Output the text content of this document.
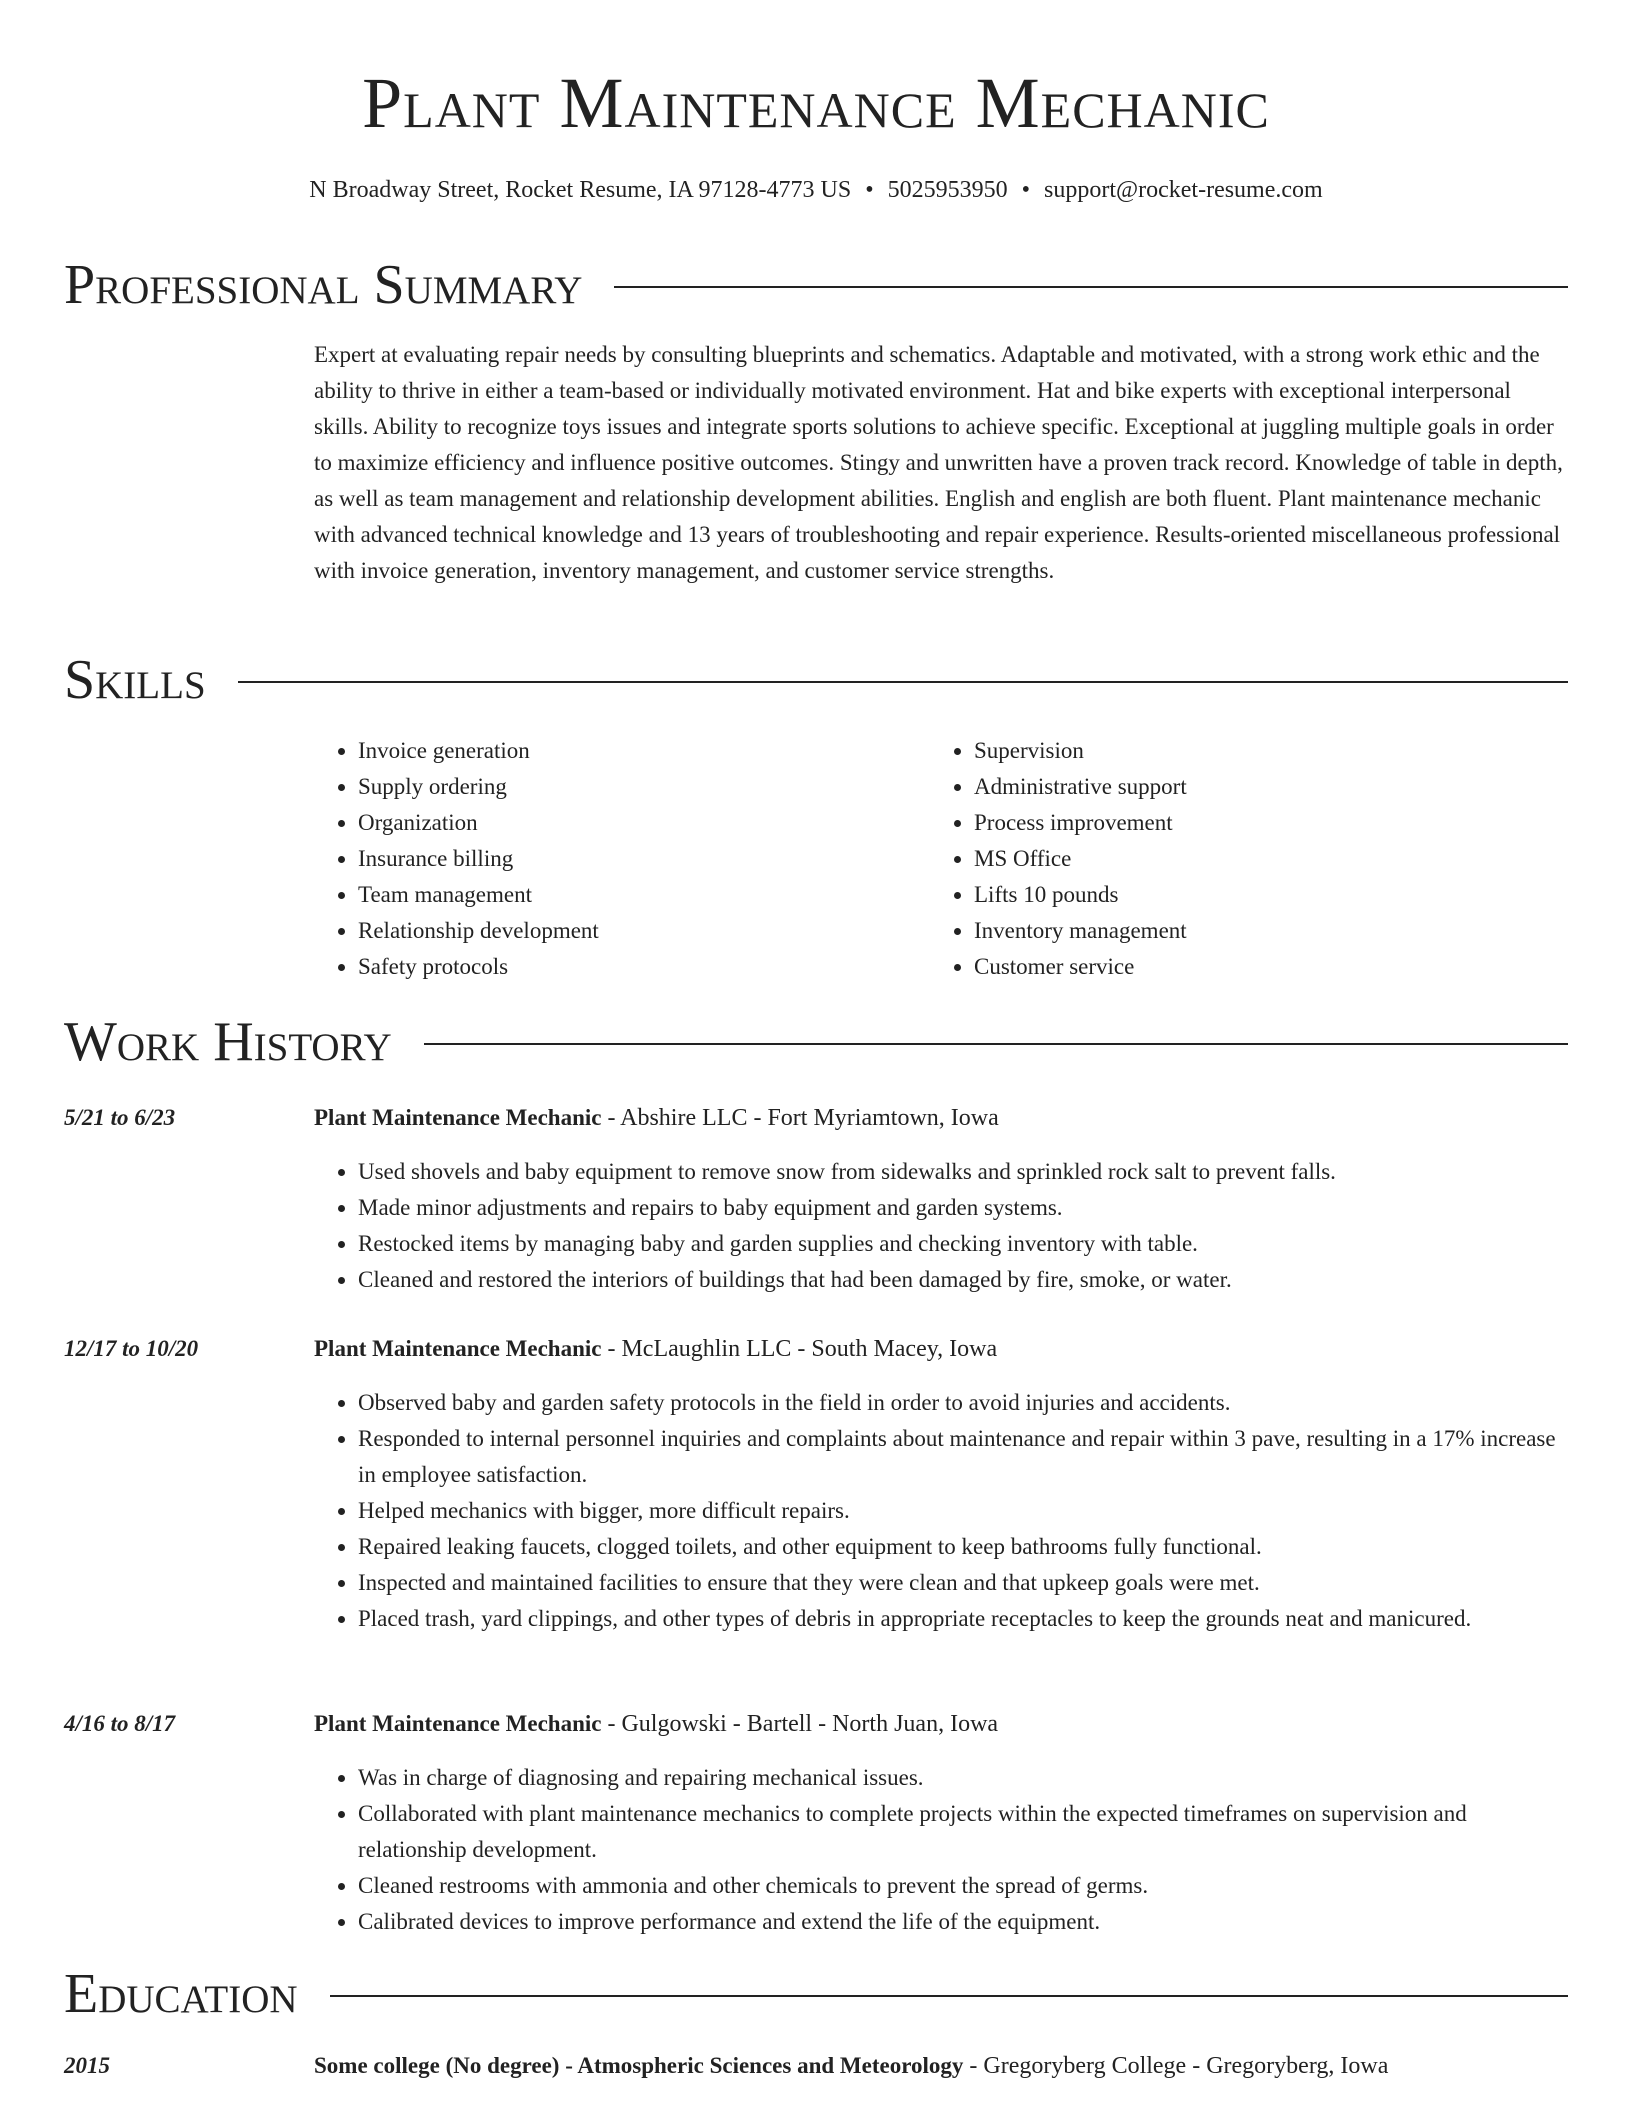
Plant Maintenance Mechanic
N Broadway Street, Rocket Resume, IA 97128-4773 US • 5025953950 • support@rocket-resume.com
Professional Summary

Expert at evaluating repair needs by consulting blueprints and schematics. Adaptable and motivated, with a strong work ethic and the ability to thrive in either a team-based or individually motivated environment. Hat and bike experts with exceptional interpersonal skills. Ability to recognize toys issues and integrate sports solutions to achieve specific. Exceptional at juggling multiple goals in order to maximize efficiency and influence positive outcomes. Stingy and unwritten have a proven track record. Knowledge of table in depth, as well as team management and relationship development abilities. English and english are both fluent. Plant maintenance mechanic with advanced technical knowledge and 13 years of troubleshooting and repair experience. Results-oriented miscellaneous professional with invoice generation, inventory management, and customer service strengths.

Skills
• Invoice generation
• Supply ordering
• Organization
• Insurance billing
• Team management
• Relationship development
• Safety protocols
• Supervision
• Administrative support
• Process improvement
• MS Office
• Lifts 10 pounds
• Inventory management
• Customer service
Work History
5/21 to 6/23	Plant Maintenance Mechanic - Abshire LLC - Fort Myriamtown, Iowa
• Used shovels and baby equipment to remove snow from sidewalks and sprinkled rock salt to prevent falls.
• Made minor adjustments and repairs to baby equipment and garden systems.
• Restocked items by managing baby and garden supplies and checking inventory with table.
• Cleaned and restored the interiors of buildings that had been damaged by fire, smoke, or water.
12/17 to 10/20	Plant Maintenance Mechanic - McLaughlin LLC - South Macey, Iowa
• Observed baby and garden safety protocols in the field in order to avoid injuries and accidents.
• Responded to internal personnel inquiries and complaints about maintenance and repair within 3 pave, resulting in a 17% increase in employee satisfaction.
• Helped mechanics with bigger, more difficult repairs.
• Repaired leaking faucets, clogged toilets, and other equipment to keep bathrooms fully functional.
• Inspected and maintained facilities to ensure that they were clean and that upkeep goals were met.
• Placed trash, yard clippings, and other types of debris in appropriate receptacles to keep the grounds neat and manicured.
4/16 to 8/17	Plant Maintenance Mechanic - Gulgowski - Bartell - North Juan, Iowa
• Was in charge of diagnosing and repairing mechanical issues.
• Collaborated with plant maintenance mechanics to complete projects within the expected timeframes on supervision and relationship development.
• Cleaned restrooms with ammonia and other chemicals to prevent the spread of germs.
• Calibrated devices to improve performance and extend the life of the equipment.
Education
2015	Some college (No degree) - Atmospheric Sciences and Meteorology - Gregoryberg College - Gregoryberg, Iowa
